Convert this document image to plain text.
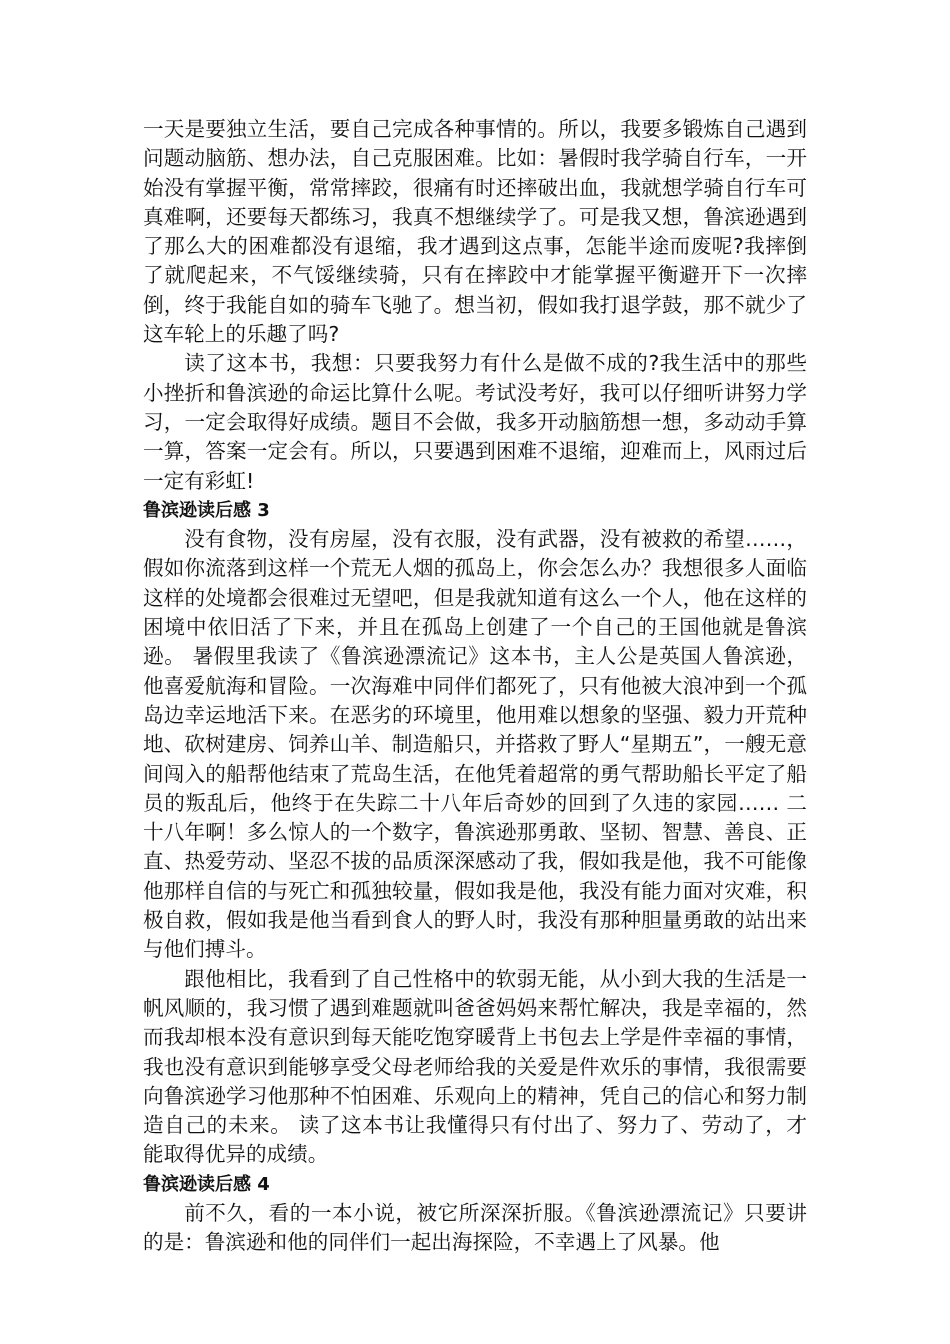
一天是要独立生活，要自己完成各种事情的。所以，我要多锻炼自己遇到问题动脑筋、想办法，自己克服困难。比如：暑假时我学骑自行车，一开始没有掌握平衡，常常摔跤，很痛有时还摔破出血，我就想学骑自行车可真难啊，还要每天都练习，我真不想继续学了。可是我又想，鲁滨逊遇到了那么大的困难都没有退缩，我才遇到这点事，怎能半途而废呢?我摔倒了就爬起来，不气馁继续骑，只有在摔跤中才能掌握平衡避开下一次摔倒，终于我能自如的骑车飞驰了。想当初，假如我打退学鼓，那不就少了这车轮上的乐趣了吗?

读了这本书，我想：只要我努力有什么是做不成的?我生活中的那些小挫折和鲁滨逊的命运比算什么呢。考试没考好，我可以仔细听讲努力学习，一定会取得好成绩。题目不会做，我多开动脑筋想一想，多动动手算一算，答案一定会有。所以，只要遇到困难不退缩，迎难而上，风雨过后一定有彩虹!

鲁滨逊读后感 3

没有食物，没有房屋，没有衣服，没有武器，没有被救的希望……，假如你流落到这样一个荒无人烟的孤岛上，你会怎么办？我想很多人面临这样的处境都会很难过无望吧，但是我就知道有这么一个人，他在这样的困境中依旧活了下来，并且在孤岛上创建了一个自己的王国他就是鲁滨逊。 暑假里我读了《鲁滨逊漂流记》这本书，主人公是英国人鲁滨逊，他喜爱航海和冒险。一次海难中同伴们都死了，只有他被大浪冲到一个孤岛边幸运地活下来。在恶劣的环境里，他用难以想象的坚强、毅力开荒种地、砍树建房、饲养山羊、制造船只，并搭救了野人“星期五”，一艘无意间闯入的船帮他结束了荒岛生活，在他凭着超常的勇气帮助船长平定了船员的叛乱后，他终于在失踪二十八年后奇妙的回到了久违的家园…… 二十八年啊！多么惊人的一个数字，鲁滨逊那勇敢、坚韧、智慧、善良、正直、热爱劳动、坚忍不拔的品质深深感动了我，假如我是他，我不可能像他那样自信的与死亡和孤独较量，假如我是他，我没有能力面对灾难，积极自救，假如我是他当看到食人的野人时，我没有那种胆量勇敢的站出来与他们搏斗。

跟他相比，我看到了自己性格中的软弱无能，从小到大我的生活是一帆风顺的，我习惯了遇到难题就叫爸爸妈妈来帮忙解决，我是幸福的，然而我却根本没有意识到每天能吃饱穿暖背上书包去上学是件幸福的事情，我也没有意识到能够享受父母老师给我的关爱是件欢乐的事情，我很需要向鲁滨逊学习他那种不怕困难、乐观向上的精神，凭自己的信心和努力制造自己的未来。 读了这本书让我懂得只有付出了、努力了、劳动了，才能取得优异的成绩。

鲁滨逊读后感 4

前不久，看的一本小说，被它所深深折服。《鲁滨逊漂流记》只要讲的是：鲁滨逊和他的同伴们一起出海探险，不幸遇上了风暴。他
